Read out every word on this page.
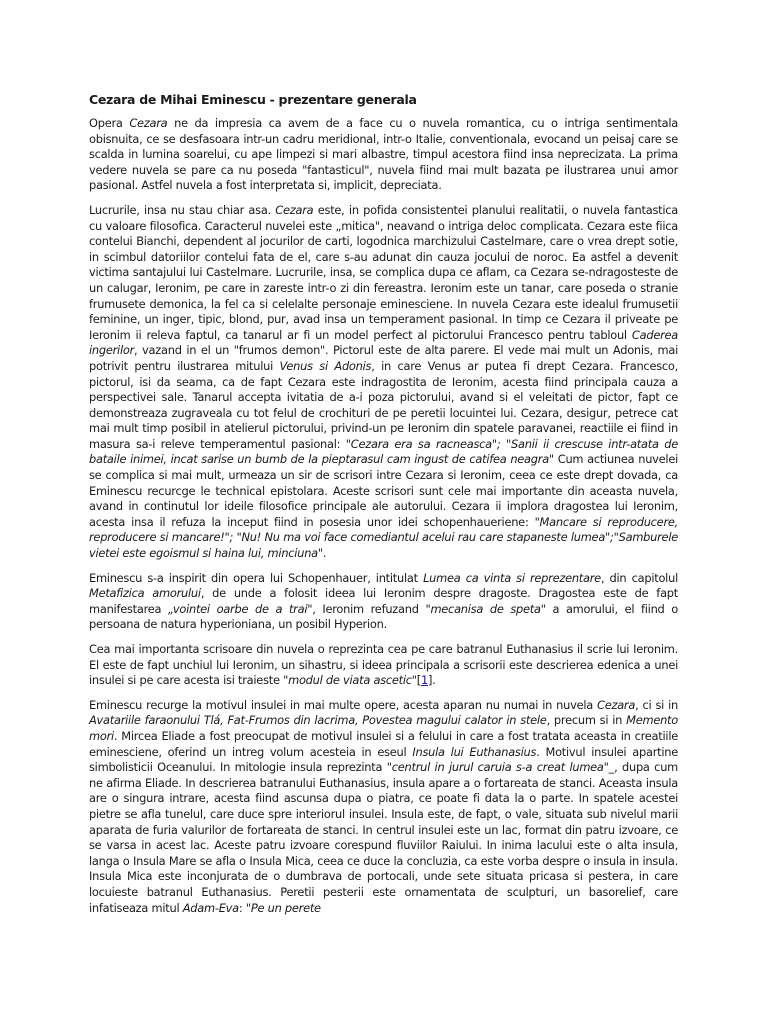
Cezara de Mihai Eminescu - prezentare generala

Opera Cezara ne da impresia ca avem de a face cu o nuvela romantica, cu o intriga sentimentala obisnuita, ce se desfasoara intr-un cadru meridional, intr-o Italie, conventionala, evocand un peisaj care se scalda in lumina soarelui, cu ape limpezi si mari albastre, timpul acestora fiind insa neprecizata. La prima vedere nuvela se pare ca nu poseda "fantasticul", nuvela fiind mai mult bazata pe ilustrarea unui amor pasional. Astfel nuvela a fost interpretata si, implicit, depreciata.

Lucrurile, insa nu stau chiar asa. Cezara este, in pofida consistentei planului realitatii, o nuvela fantastica cu valoare filosofica. Caracterul nuvelei este „mitica", neavand o intriga deloc complicata. Cezara este fiica contelui Bianchi, dependent al jocurilor de carti, logodnica marchizului Castelmare, care o vrea drept sotie, in scimbul datoriilor contelui fata de el, care s-au adunat din cauza jocului de noroc. Ea astfel a devenit victima santajului lui Castelmare. Lucrurile, insa, se complica dupa ce aflam, ca Cezara se-ndragosteste de un calugar, Ieronim, pe care in zareste intr-o zi din fereastra. Ieronim este un tanar, care poseda o stranie frumusete demonica, la fel ca si celelalte personaje eminesciene. In nuvela Cezara este idealul frumusetii feminine, un inger, tipic, blond, pur, avad insa un temperament pasional. In timp ce Cezara il priveate pe Ieronim ii releva faptul, ca tanarul ar fi un model perfect al pictorului Francesco pentru tabloul Caderea ingerilor, vazand in el un "frumos demon". Pictorul este de alta parere. El vede mai mult un Adonis, mai potrivit pentru ilustrarea mitului Venus si Adonis, in care Venus ar putea fi drept Cezara. Francesco, pictorul, isi da seama, ca de fapt Cezara este indragostita de Ieronim, acesta fiind principala cauza a perspectivei sale. Tanarul accepta ivitatia de a-i poza pictorului, avand si el veleitati de pictor, fapt ce demonstreaza zugraveala cu tot felul de crochituri de pe peretii locuintei lui. Cezara, desigur, petrece cat mai mult timp posibil in atelierul pictorului, privind-un pe Ieronim din spatele paravanei, reactiile ei fiind in masura sa-i releve temperamentul pasional: "Cezara era sa racneasca"; "Sanii ii crescuse intr-atata de bataile inimei, incat sarise un bumb de la pieptarasul cam ingust de catifea neagra" Cum actiunea nuvelei se complica si mai mult, urmeaza un sir de scrisori intre Cezara si Ieronim, ceea ce este drept dovada, ca Eminescu recurcge le technical epistolara. Aceste scrisori sunt cele mai importante din aceasta nuvela, avand in continutul lor ideile filosofice principale ale autorului. Cezara ii implora dragostea lui Ieronim, acesta insa il refuza la inceput fiind in posesia unor idei schopenhaueriene: "Mancare si reproducere, reproducere si mancare!"; "Nu! Nu ma voi face comediantul acelui rau care stapaneste lumea";"Samburele vietei este egoismul si haina lui, minciuna".

Eminescu s-a inspirit din opera lui Schopenhauer, intitulat Lumea ca vinta si reprezentare, din capitolul Metafizica amorului, de unde a folosit ideea lui Ieronim despre dragoste. Dragostea este de fapt manifestarea „vointei oarbe de a trai", Ieronim refuzand "mecanisa de speta" a amorului, el fiind o persoana de natura hyperioniana, un posibil Hyperion.

Cea mai importanta scrisoare din nuvela o reprezinta cea pe care batranul Euthanasius il scrie lui Ieronim. El este de fapt unchiul lui Ieronim, un sihastru, si ideea principala a scrisorii este descrierea edenica a unei insulei si pe care acesta isi traieste "modul de viata ascetic"[1].

Eminescu recurge la motivul insulei in mai multe opere, acesta aparan nu numai in nuvela Cezara, ci si in Avatariile faraonului Tlá, Fat-Frumos din lacrima, Povestea magului calator in stele, precum si in Memento mori. Mircea Eliade a fost preocupat de motivul insulei si a felului in care a fost tratata aceasta in creatiile eminesciene, oferind un intreg volum acesteia in eseul Insula lui Euthanasius. Motivul insulei apartine simbolisticii Oceanului. In mitologie insula reprezinta "centrul in jurul caruia s-a creat lumea"_, dupa cum ne afirma Eliade. In descrierea batranului Euthanasius, insula apare a o fortareata de stanci. Aceasta insula are o singura intrare, acesta fiind ascunsa dupa o piatra, ce poate fi data la o parte. In spatele acestei pietre se afla tunelul, care duce spre interiorul insulei. Insula este, de fapt, o vale, situata sub nivelul marii aparata de furia valurilor de fortareata de stanci. In centrul insulei este un lac, format din patru izvoare, ce se varsa in acest lac. Aceste patru izvoare corespund fluviilor Raiului. In inima lacului este o alta insula, langa o Insula Mare se afla o Insula Mica, ceea ce duce la concluzia, ca este vorba despre o insula in insula. Insula Mica este inconjurata de o dumbrava de portocali, unde sete situata pricasa si pestera, in care locuieste batranul Euthanasius. Peretii pesterii este ornamentata de sculpturi, un basorelief, care infatiseaza mitul Adam-Eva: "Pe un perete
